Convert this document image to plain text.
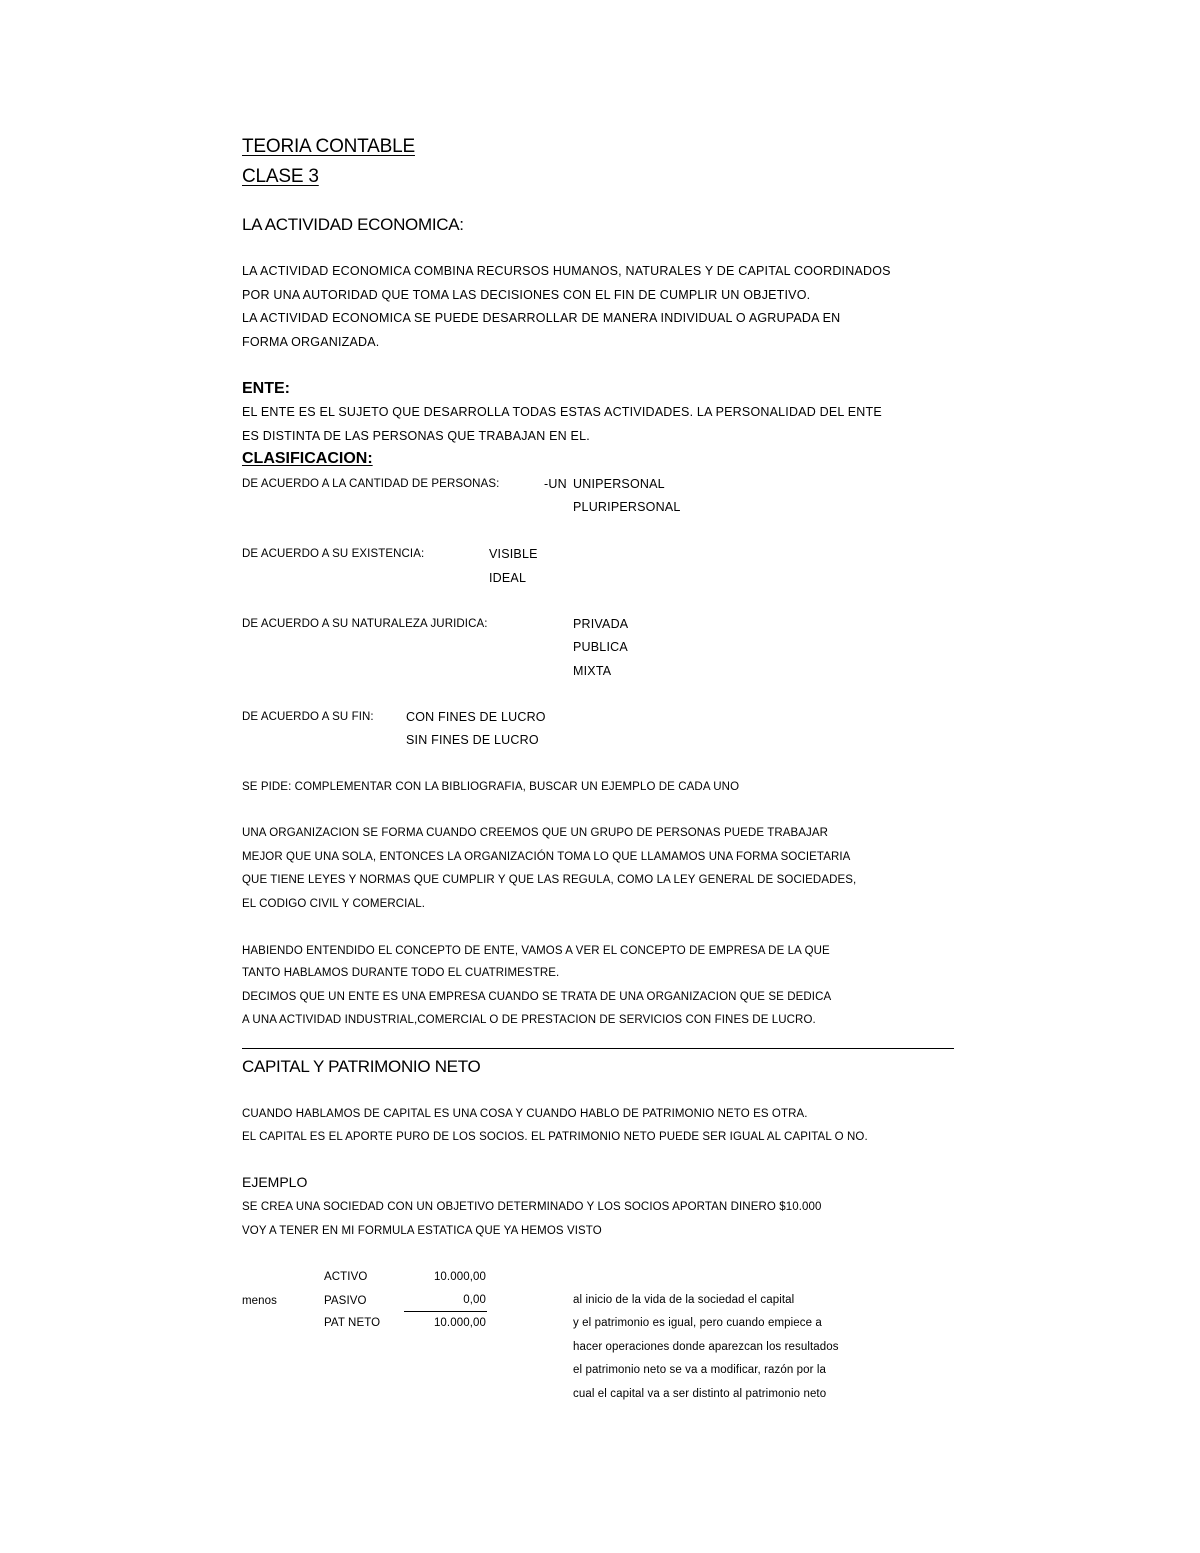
TEORIA CONTABLE
CLASE 3
LA ACTIVIDAD ECONOMICA:
LA ACTIVIDAD ECONOMICA COMBINA RECURSOS HUMANOS, NATURALES Y DE CAPITAL COORDINADOS
POR UNA AUTORIDAD QUE TOMA LAS DECISIONES CON EL FIN DE CUMPLIR UN OBJETIVO.
LA ACTIVIDAD ECONOMICA SE PUEDE DESARROLLAR DE MANERA INDIVIDUAL O AGRUPADA EN
FORMA ORGANIZADA.
ENTE:
EL ENTE ES EL SUJETO QUE DESARROLLA TODAS ESTAS ACTIVIDADES. LA PERSONALIDAD DEL ENTE
ES DISTINTA DE LAS PERSONAS QUE TRABAJAN EN EL.
CLASIFICACION:
DE ACUERDO A LA CANTIDAD DE PERSONAS:	-UN UNIPERSONAL
PLURIPERSONAL
DE ACUERDO A SU EXISTENCIA:	VISIBLE
IDEAL
DE ACUERDO A SU NATURALEZA JURIDICA:	PRIVADA
PUBLICA
MIXTA
DE ACUERDO A SU FIN:	CON FINES DE LUCRO
SIN FINES DE LUCRO
SE PIDE: COMPLEMENTAR CON LA BIBLIOGRAFIA, BUSCAR UN EJEMPLO DE CADA UNO
UNA ORGANIZACION SE FORMA CUANDO CREEMOS QUE UN GRUPO DE PERSONAS PUEDE TRABAJAR
MEJOR QUE UNA SOLA, ENTONCES LA ORGANIZACIÓN TOMA LO QUE LLAMAMOS UNA FORMA SOCIETARIA
QUE TIENE LEYES Y NORMAS QUE CUMPLIR Y QUE LAS REGULA, COMO LA LEY GENERAL DE SOCIEDADES,
EL CODIGO CIVIL Y COMERCIAL.
HABIENDO ENTENDIDO EL CONCEPTO DE ENTE, VAMOS A VER EL CONCEPTO DE EMPRESA DE LA QUE
TANTO HABLAMOS DURANTE TODO EL CUATRIMESTRE.
DECIMOS QUE UN ENTE ES UNA EMPRESA CUANDO SE TRATA DE UNA ORGANIZACION QUE SE DEDICA
A UNA ACTIVIDAD INDUSTRIAL,COMERCIAL O DE PRESTACION DE SERVICIOS CON FINES DE LUCRO.
CAPITAL Y PATRIMONIO NETO
CUANDO HABLAMOS DE CAPITAL ES UNA COSA Y CUANDO HABLO DE PATRIMONIO NETO ES OTRA.
EL CAPITAL ES EL APORTE PURO DE LOS SOCIOS. EL PATRIMONIO NETO PUEDE SER IGUAL AL CAPITAL O NO.
EJEMPLO
SE CREA UNA SOCIEDAD CON UN OBJETIVO DETERMINADO Y LOS SOCIOS APORTAN DINERO $10.000
VOY A TENER EN MI FORMULA ESTATICA QUE YA HEMOS VISTO
ACTIVO	10.000,00
menos	PASIVO	0,00
PAT NETO	10.000,00
al inicio de la vida de la sociedad el capital
y el patrimonio es igual, pero cuando empiece a
hacer operaciones donde aparezcan los resultados
el patrimonio neto se va a modificar, razón por la
cual el capital va a ser distinto al patrimonio neto
